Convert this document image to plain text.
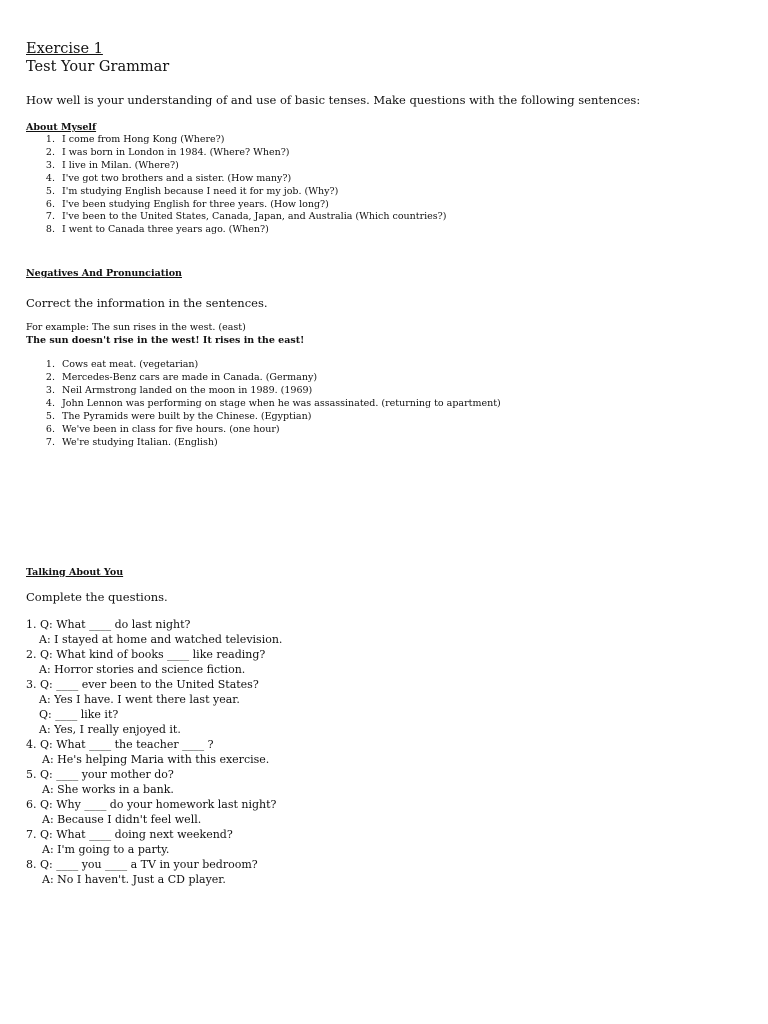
Exercise 1
Test Your Grammar
How well is your understanding of and use of basic tenses. Make questions with the following sentences:
About Myself
1. I come from Hong Kong (Where?)
2. I was born in London in 1984. (Where? When?)
3. I live in Milan. (Where?)
4. I've got two brothers and a sister. (How many?)
5. I'm studying English because I need it for my job. (Why?)
6. I've been studying English for three years. (How long?)
7. I've been to the United States, Canada, Japan, and Australia (Which countries?)
8. I went to Canada three years ago. (When?)
Negatives And Pronunciation
Correct the information in the sentences.
For example: The sun rises in the west. (east)
The sun doesn't rise in the west! It rises in the east!
1. Cows eat meat. (vegetarian)
2. Mercedes-Benz cars are made in Canada. (Germany)
3. Neil Armstrong landed on the moon in 1989. (1969)
4. John Lennon was performing on stage when he was assassinated. (returning to apartment)
5. The Pyramids were built by the Chinese. (Egyptian)
6. We've been in class for five hours. (one hour)
7. We're studying Italian. (English)
Talking About You
Complete the questions.
1. Q: What ____ do last night?
A: I stayed at home and watched television.
2. Q: What kind of books ____ like reading?
A: Horror stories and science fiction.
3. Q: ____ ever been to the United States?
A: Yes I have. I went there last year.
Q: ____ like it?
A: Yes, I really enjoyed it.
4. Q: What ____ the teacher ____ ?
A: He's helping Maria with this exercise.
5. Q: ____ your mother do?
A: She works in a bank.
6. Q: Why ____ do your homework last night?
A: Because I didn't feel well.
7. Q: What ____ doing next weekend?
A: I'm going to a party.
8. Q: ____ you ____ a TV in your bedroom?
A: No I haven't. Just a CD player.
